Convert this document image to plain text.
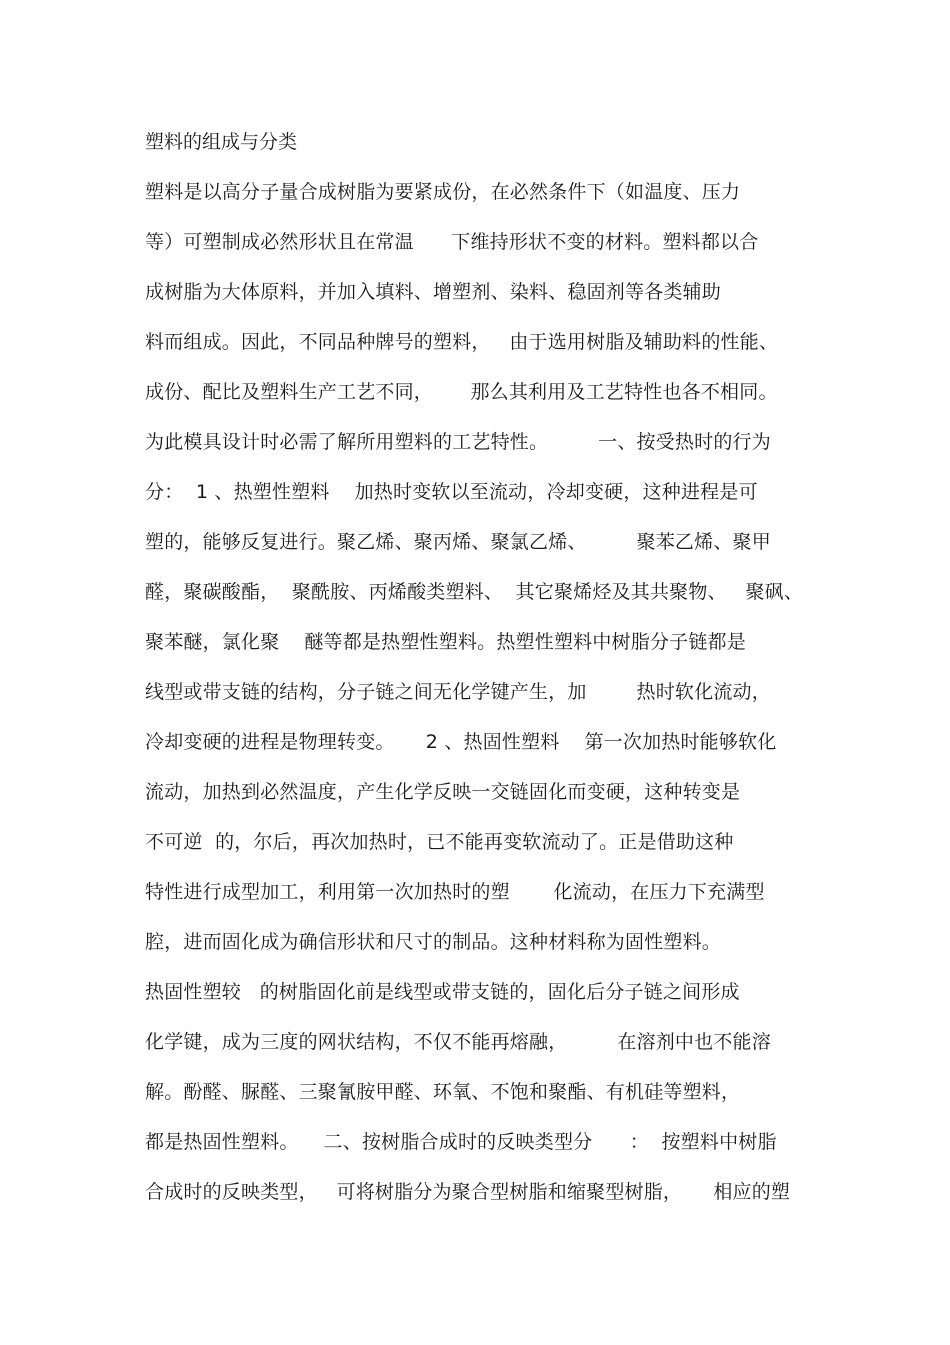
塑料的组成与分类
塑料是以高分子量合成树脂为要紧成份，在必然条件下（如温度、压力
等）可塑制成必然形状且在常温      下维持形状不变的材料。塑料都以合
成树脂为大体原料，并加入填料、增塑剂、染料、稳固剂等各类辅助
料而组成。因此，不同品种牌号的塑料，   由于选用树脂及辅助料的性能、
成份、配比及塑料生产工艺不同，      那么其利用及工艺特性也各不相同。
为此模具设计时必需了解所用塑料的工艺特性。        一、按受热时的行为
分：  1 、热塑性塑料    加热时变软以至流动，冷却变硬，这种进程是可
塑的，能够反复进行。聚乙烯、聚丙烯、聚氯乙烯、        聚苯乙烯、聚甲
醛，聚碳酸酯，  聚酰胺、丙烯酸类塑料、  其它聚烯烃及其共聚物、   聚砜、
聚苯醚，氯化聚    醚等都是热塑性塑料。热塑性塑料中树脂分子链都是
线型或带支链的结构，分子链之间无化学键产生，加        热时软化流动，
冷却变硬的进程是物理转变。     2 、热固性塑料    第一次加热时能够软化
流动，加热到必然温度，产生化学反映一交链固化而变硬，这种转变是
不可逆  的，尔后，再次加热时，已不能再变软流动了。正是借助这种
特性进行成型加工，利用第一次加热时的塑       化流动，在压力下充满型
腔，进而固化成为确信形状和尺寸的制品。这种材料称为固性塑料。
热固性塑较   的树脂固化前是线型或带支链的，固化后分子链之间形成
化学键，成为三度的网状结构，不仅不能再熔融，        在溶剂中也不能溶
解。酚醛、脲醛、三聚氰胺甲醛、环氧、不饱和聚酯、有机硅等塑料，
都是热固性塑料。    二、按树脂合成时的反映类型分      ：  按塑料中树脂
合成时的反映类型，   可将树脂分为聚合型树脂和缩聚型树脂，     相应的塑
